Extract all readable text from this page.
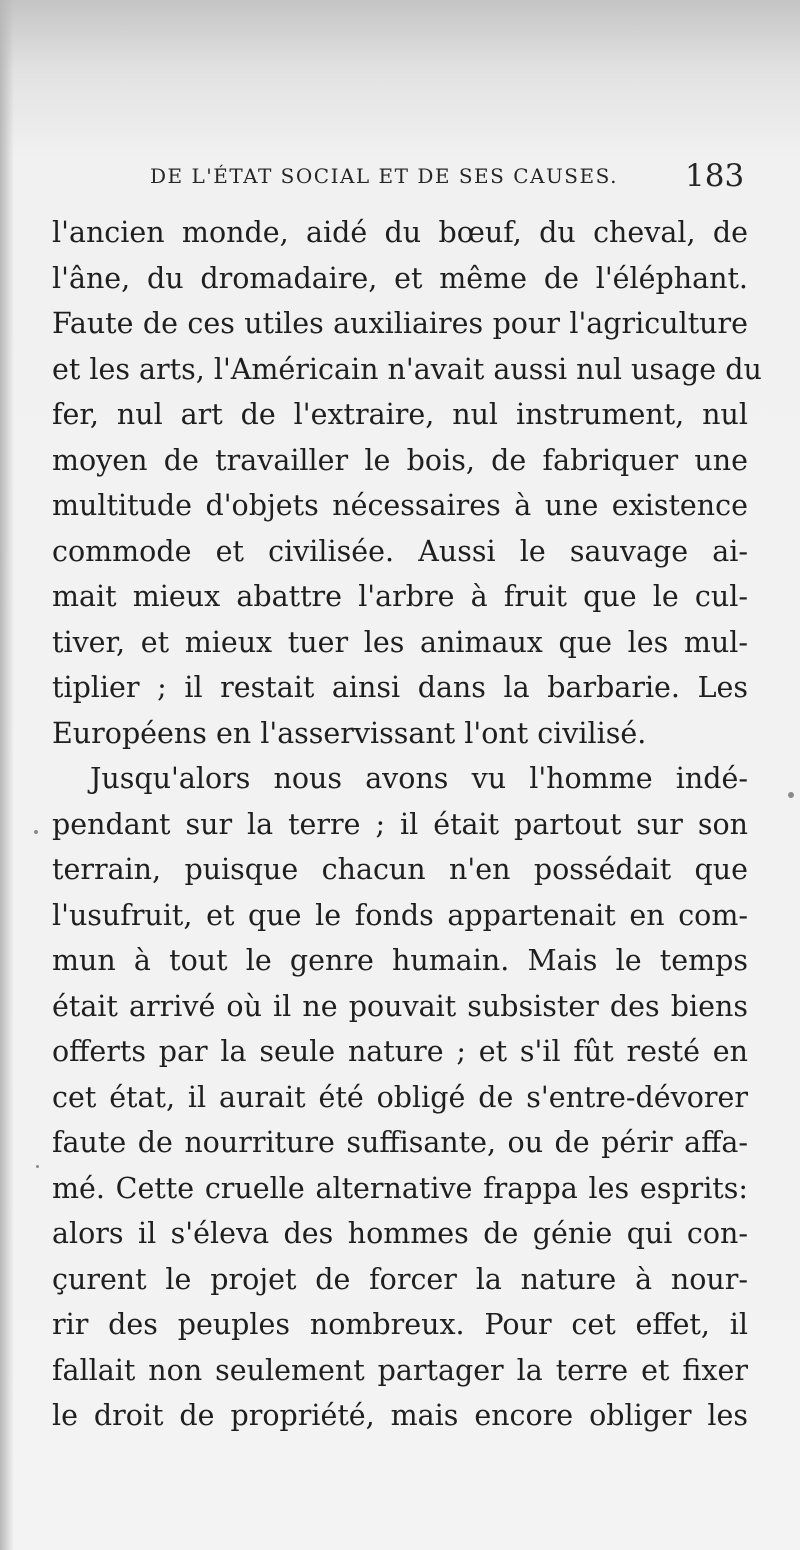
DE L'ÉTAT SOCIAL ET DE SES CAUSES. 183
l'ancien monde, aidé du bœuf, du cheval, de
l'âne, du dromadaire, et même de l'éléphant.
Faute de ces utiles auxiliaires pour l'agriculture
et les arts, l'Américain n'avait aussi nul usage du
fer, nul art de l'extraire, nul instrument, nul
moyen de travailler le bois, de fabriquer une
multitude d'objets nécessaires à une existence
commode et civilisée. Aussi le sauvage ai-
mait mieux abattre l'arbre à fruit que le cul-
tiver, et mieux tuer les animaux que les mul-
tiplier ; il restait ainsi dans la barbarie. Les
Européens en l'asservissant l'ont civilisé.
Jusqu'alors nous avons vu l'homme indé-
pendant sur la terre ; il était partout sur son
terrain, puisque chacun n'en possédait que
l'usufruit, et que le fonds appartenait en com-
mun à tout le genre humain. Mais le temps
était arrivé où il ne pouvait subsister des biens
offerts par la seule nature ; et s'il fût resté en
cet état, il aurait été obligé de s'entre-dévorer
faute de nourriture suffisante, ou de périr affa-
mé. Cette cruelle alternative frappa les esprits:
alors il s'éleva des hommes de génie qui con-
çurent le projet de forcer la nature à nour-
rir des peuples nombreux. Pour cet effet, il
fallait non seulement partager la terre et fixer
le droit de propriété, mais encore obliger les
